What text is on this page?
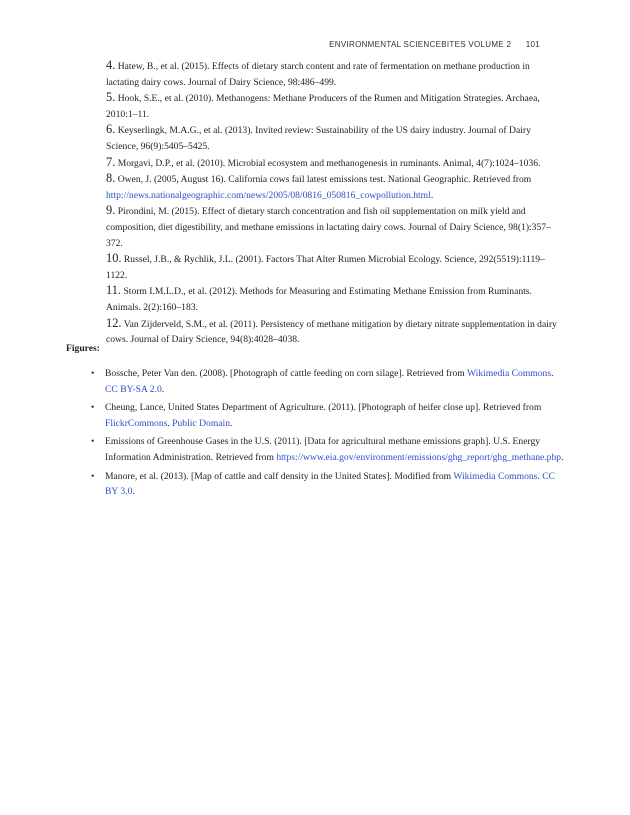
ENVIRONMENTAL SCIENCEBITES VOLUME 2 101
4. Hatew, B., et al. (2015). Effects of dietary starch content and rate of fermentation on methane production in lactating dairy cows. Journal of Dairy Science, 98:486–499.
5. Hook, S.E., et al. (2010). Methanogens: Methane Producers of the Rumen and Mitigation Strategies. Archaea, 2010:1–11.
6. Keyserlingk, M.A.G., et al. (2013). Invited review: Sustainability of the US dairy industry. Journal of Dairy Science, 96(9):5405–5425.
7. Morgavi, D.P., et al. (2010). Microbial ecosystem and methanogenesis in ruminants. Animal, 4(7):1024–1036.
8. Owen, J. (2005, August 16). California cows fail latest emissions test. National Geographic. Retrieved from http://news.nationalgeographic.com/news/2005/08/0816_050816_cowpollution.html.
9. Pirondini, M. (2015). Effect of dietary starch concentration and fish oil supplementation on milk yield and composition, diet digestibility, and methane emissions in lactating dairy cows. Journal of Dairy Science, 98(1):357–372.
10. Russel, J.B., & Rychlik, J.L. (2001). Factors That Alter Rumen Microbial Ecology. Science, 292(5519):1119–1122.
11. Storm I.M.L.D., et al. (2012). Methods for Measuring and Estimating Methane Emission from Ruminants. Animals. 2(2):160–183.
12. Van Zijderveld, S.M., et al. (2011). Persistency of methane mitigation by dietary nitrate supplementation in dairy cows. Journal of Dairy Science, 94(8):4028–4038.
Figures:
• Bossche, Peter Van den. (2008). [Photograph of cattle feeding on corn silage]. Retrieved from Wikimedia Commons. CC BY-SA 2.0.
• Cheung, Lance, United States Department of Agriculture. (2011). [Photograph of heifer close up]. Retrieved from FlickrCommons. Public Domain.
• Emissions of Greenhouse Gases in the U.S. (2011). [Data for agricultural methane emissions graph]. U.S. Energy Information Administration. Retrieved from https://www.eia.gov/environment/emissions/ghg_report/ghg_methane.php.
• Manore, et al. (2013). [Map of cattle and calf density in the United States]. Modified from Wikimedia Commons. CC BY 3.0.
